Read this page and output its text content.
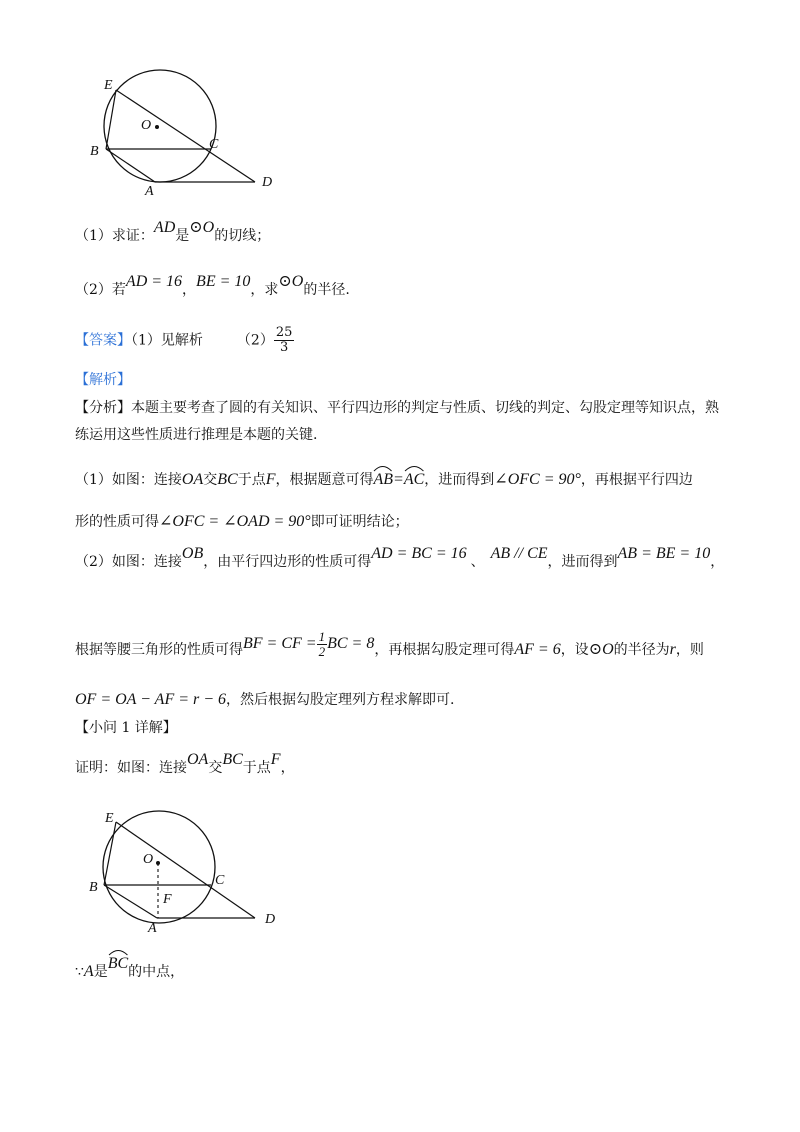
E
O
B	C
A
D
（1）求证：AD是⊙O的切线；
（2）若AD = 16，BE = 10，求⊙O的半径.
【答案】（1）见解析 $(2) \frac{25}{3}$
【解析】
【分析】本题主要考查了圆的有关知识、平行四边形的判定与性质、切线的判定、勾股定理等知识点，熟
练运用这些性质进行推理是本题的关键.
（1）如图：连接OA交BC于点F，根据题意可得
AB=
AC，进而得到∠OFC = 90°，再根据平行四边
形的性质可得∠OFC = ∠OAD = 90°即可证明结论；
（2）如图：连接OB，由平行四边形的性质可得AD = BC = 16 、 AB // CE，进而得到AB = BE = 10，
根据等腰三角形的性质可得BF = CF = $\frac{1}{2}$ BC = 8，再根据勾股定理可得AF = 6，设⊙O的半径为r，则
OF = OA − AF = r − 6，然后根据勾股定理列方程求解即可.
【小问 1 详解】
证明：如图：连接OA交BC于点F，
E
O
B	C
F
A
D
∵A是
BC的中点，
